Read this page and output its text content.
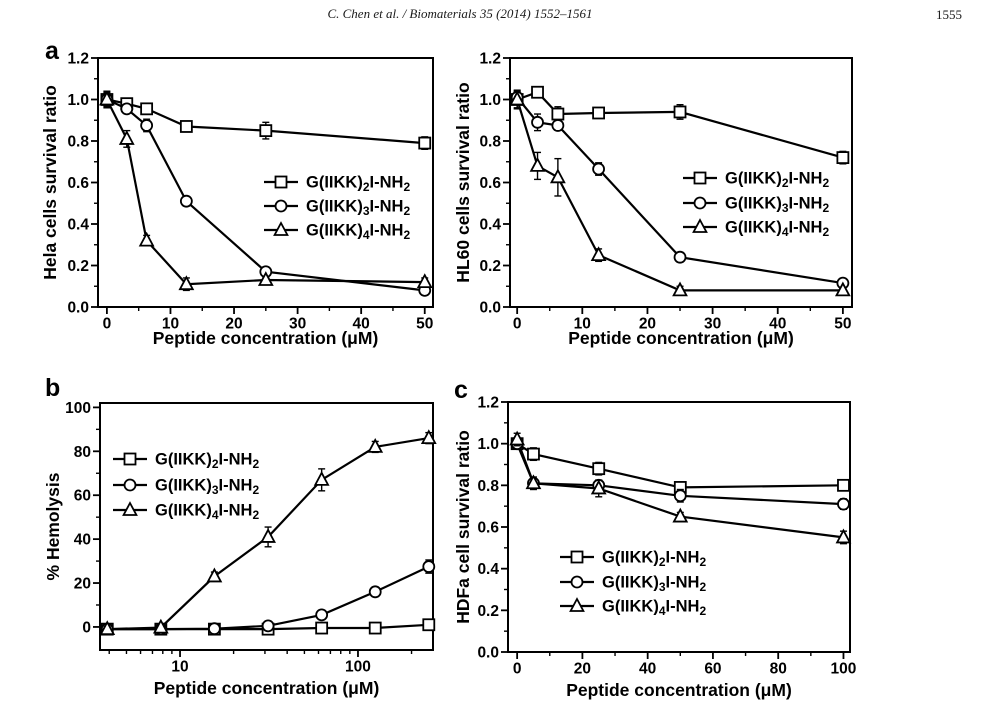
C. Chen et al. / Biomaterials 35 (2014) 1552–1561	1555
a
0	10	20	30	40	50
0.0
0.2
0.4
0.6
0.8
1.0
1.2
Peptide concentration (μM)
Hela cells survival ratio	$G(IIKK)_2I-NH_2$
$G(IIKK)_3I-NH_2$
$G(IIKK)_4I-NH_2$
0	10	20	30	40	50
0.0
0.2
0.4
0.6
0.8
1.0
1.2
Peptide concentration (μM)
HL60 cells survival ratio	$G(IIKK)_2I-NH_2$
$G(IIKK)_3I-NH_2$
$G(IIKK)_4I-NH_2$
b
10	100
0
20
40
60
80
100
Peptide concentration (μM)
% Hemolysis
$G(IIKK)_2I-NH_2$
$G(IIKK)_3I-NH_2$
$G(IIKK)_4I-NH_2$
c
0	20	40	60	80	100
0.0
0.2
0.4
0.6
0.8
1.0
1.2
Peptide concentration (μM)
HDFa cell survival ratio	$G(IIKK)_2I-NH_2$
$G(IIKK)_3I-NH_2$
$G(IIKK)_4I-NH_2$
